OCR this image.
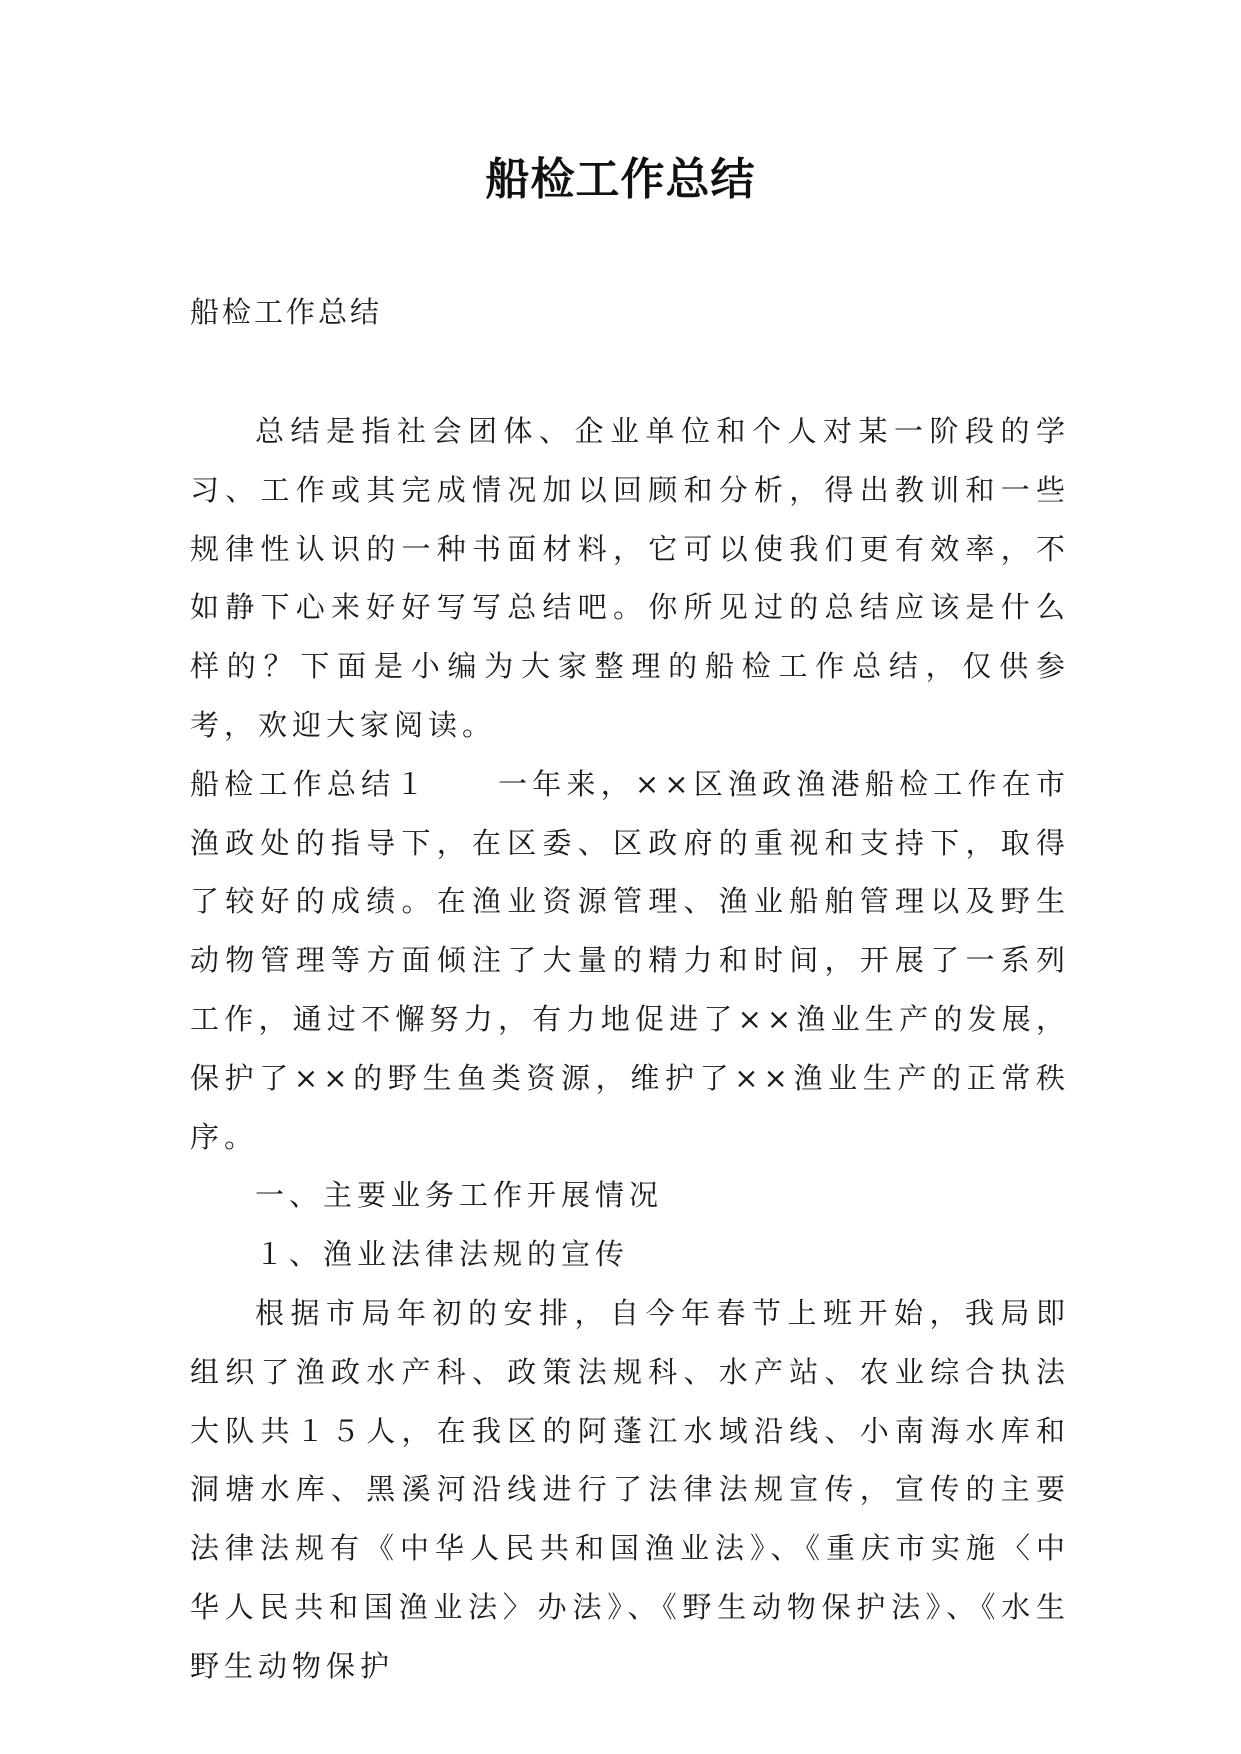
船检工作总结

船检工作总结

总结是指社会团体、企业单位和个人对某一阶段的学习、工作或其完成情况加以回顾和分析，得出教训和一些规律性认识的一种书面材料，它可以使我们更有效率，不如静下心来好好写写总结吧。你所见过的总结应该是什么样的？下面是小编为大家整理的船检工作总结，仅供参考，欢迎大家阅读。

船检工作总结１　　一年来，××区渔政渔港船检工作在市渔政处的指导下，在区委、区政府的重视和支持下，取得了较好的成绩。在渔业资源管理、渔业船舶管理以及野生动物管理等方面倾注了大量的精力和时间，开展了一系列工作，通过不懈努力，有力地促进了××渔业生产的发展，保护了××的野生鱼类资源，维护了××渔业生产的正常秩序。

一、主要业务工作开展情况

１、渔业法律法规的宣传

根据市局年初的安排，自今年春节上班开始，我局即组织了渔政水产科、政策法规科、水产站、农业综合执法大队共１５人，在我区的阿蓬江水域沿线、小南海水库和洞塘水库、黑溪河沿线进行了法律法规宣传，宣传的主要法律法规有《中华人民共和国渔业法》、《重庆市实施〈中华人民共和国渔业法〉办法》、《野生动物保护法》、《水生野生动物保护
